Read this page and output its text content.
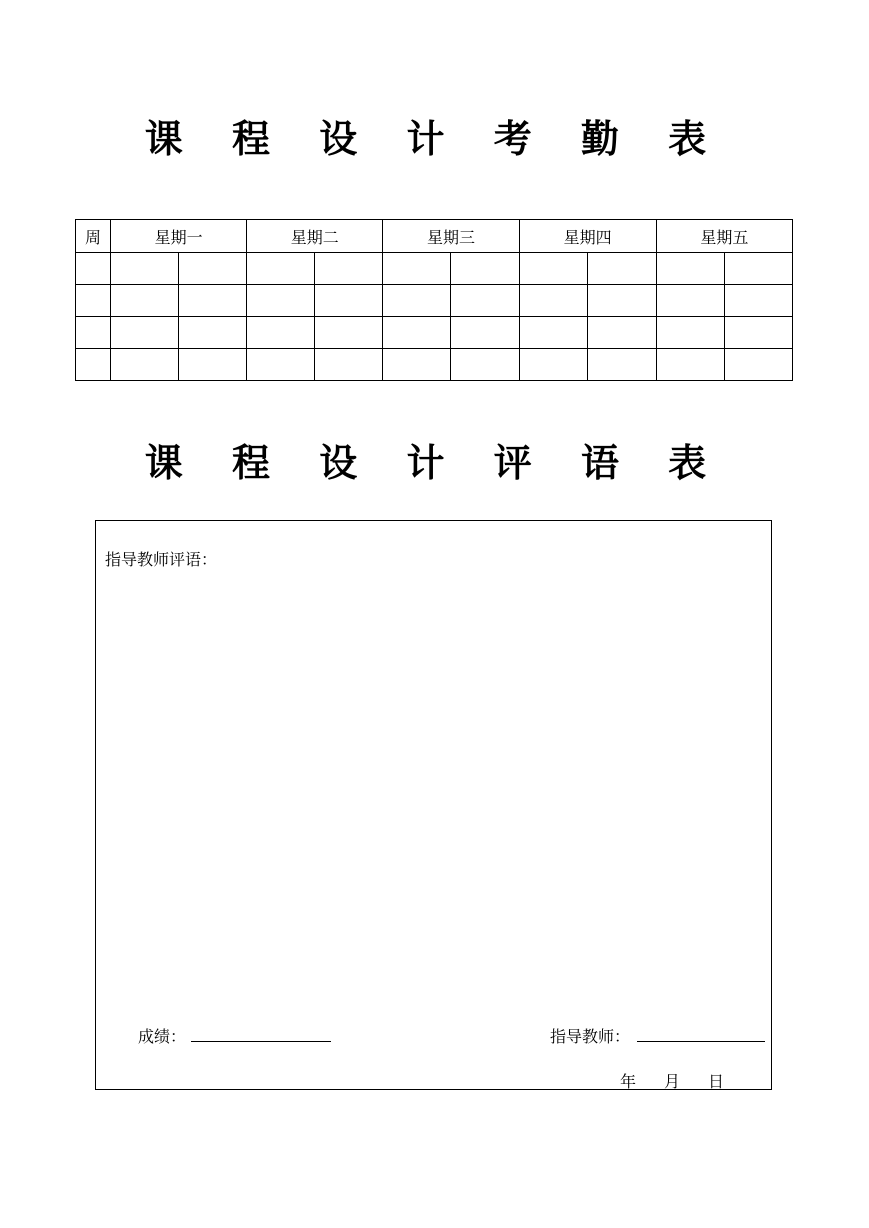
课 程 设 计 考 勤 表
周	星期一		星期二		星期三		星期四		星期五	

课 程 设 计 评 语 表
指导教师评语：
成绩：	指导教师：
年 月 日
